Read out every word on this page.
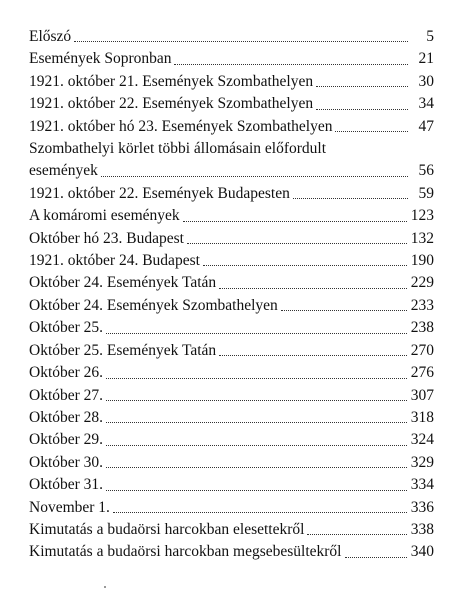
Előszó	5
Események Sopronban	21
1921. október 21. Események Szombathelyen	30
1921. október 22. Események Szombathelyen	34
1921. október hó 23. Események Szombathelyen	47
Szombathelyi körlet többi állomásain előfordult
események	56
1921. október 22. Események Budapesten	59
A komáromi események	123
Október hó 23. Budapest	132
1921. október 24. Budapest	190
Október 24. Események Tatán	229
Október 24. Események Szombathelyen	233
Október 25.	238
Október 25. Események Tatán	270
Október 26.	276
Október 27.	307
Október 28.	318
Október 29.	324
Október 30.	329
Október 31.	334
November 1.	336
Kimutatás a budaörsi harcokban elesettekről	338
Kimutatás a budaörsi harcokban megsebesültekről	340
